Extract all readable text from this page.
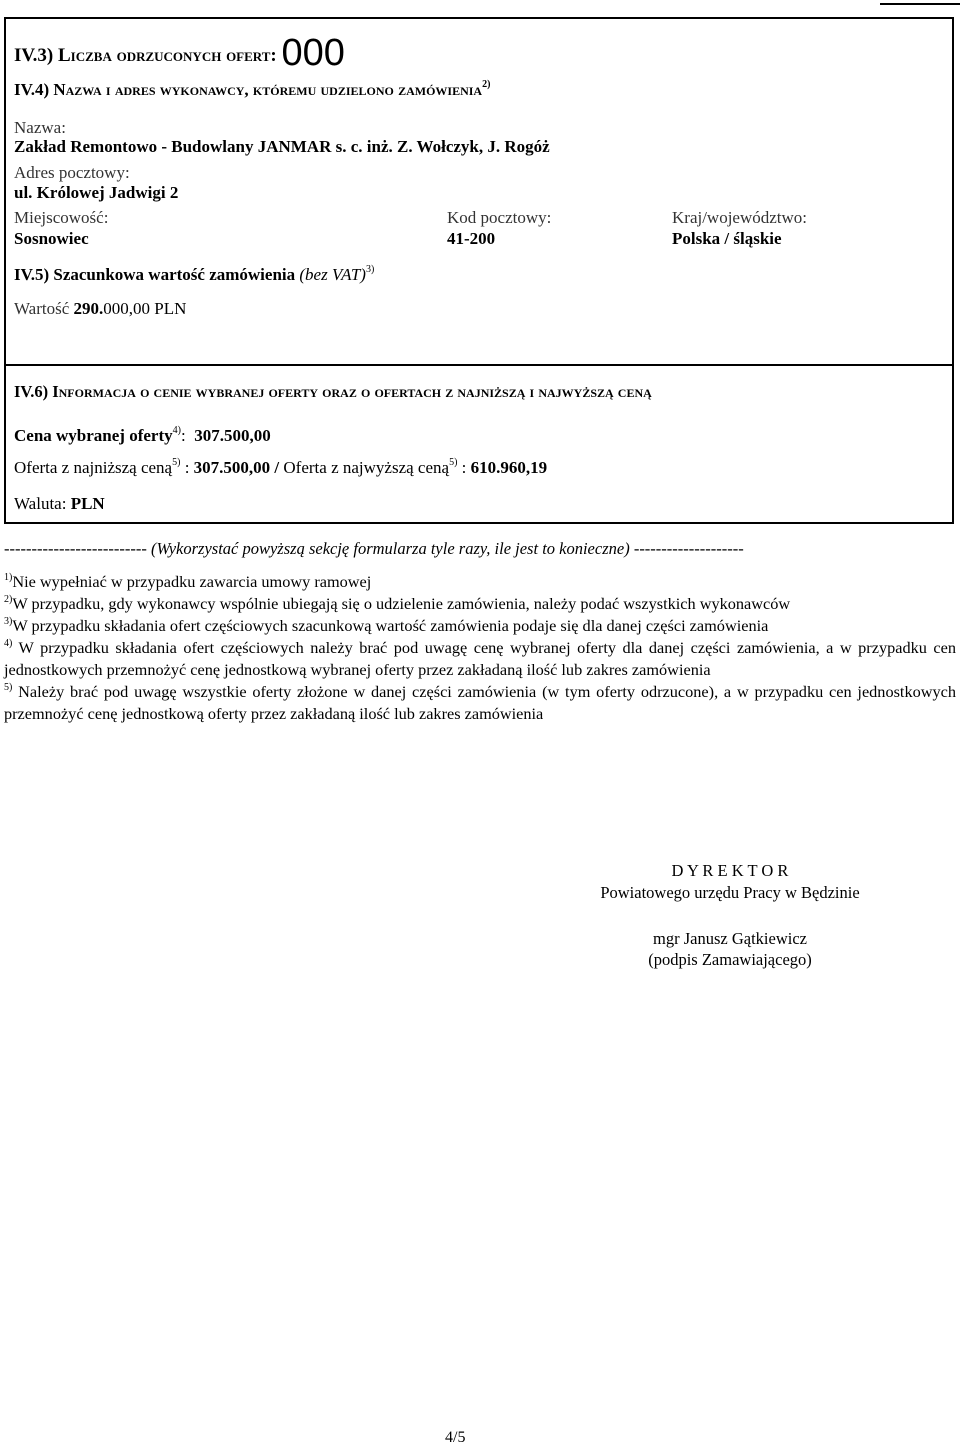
IV.3) Liczba odrzuconych ofert: 000
IV.4) Nazwa i adres wykonawcy, któremu udzielono zamówienia$^{2)}$
Nazwa:
Zakład Remontowo - Budowlany JANMAR s. c. inż. Z. Wołczyk, J. Rogóż
Adres pocztowy:
ul. Królowej Jadwigi 2
Miejscowość:
Sosnowiec
Kod pocztowy:
41-200
Kraj/województwo:
Polska / śląskie
IV.5) Szacunkowa wartość zamówienia (bez VAT)$^{3)}$
Wartość 290.000,00 PLN
IV.6) Informacja o cenie wybranej oferty oraz o ofertach z najniższą i najwyższą ceną
Cena wybranej oferty$^{4)}$: 307.500,00
Oferta z najniższą ceną$^{5)}$ : 307.500,00 / Oferta z najwyższą ceną$^{5)}$ : 610.960,19
Waluta: PLN
-------------------------- (Wykorzystać powyższą sekcję formularza tyle razy, ile jest to konieczne) --------------------
$^{1)}$Nie wypełniać w przypadku zawarcia umowy ramowej
$^{2)}$W przypadku, gdy wykonawcy wspólnie ubiegają się o udzielenie zamówienia, należy podać wszystkich wykonawców
$^{3)}$W przypadku składania ofert częściowych szacunkową wartość zamówienia podaje się dla danej części zamówienia
$^{4)}$ W przypadku składania ofert częściowych należy brać pod uwagę cenę wybranej oferty dla danej części zamówienia, a w przypadku cen jednostkowych przemnożyć cenę jednostkową wybranej oferty przez zakładaną ilość lub zakres zamówienia
$^{5)}$ Należy brać pod uwagę wszystkie oferty złożone w danej części zamówienia (w tym oferty odrzucone), a w przypadku cen jednostkowych przemnożyć cenę jednostkową oferty przez zakładaną ilość lub zakres zamówienia
D Y R E K T O R
Powiatowego urzędu Pracy w Będzinie
mgr Janusz Gątkiewicz
(podpis Zamawiającego)
4/5
